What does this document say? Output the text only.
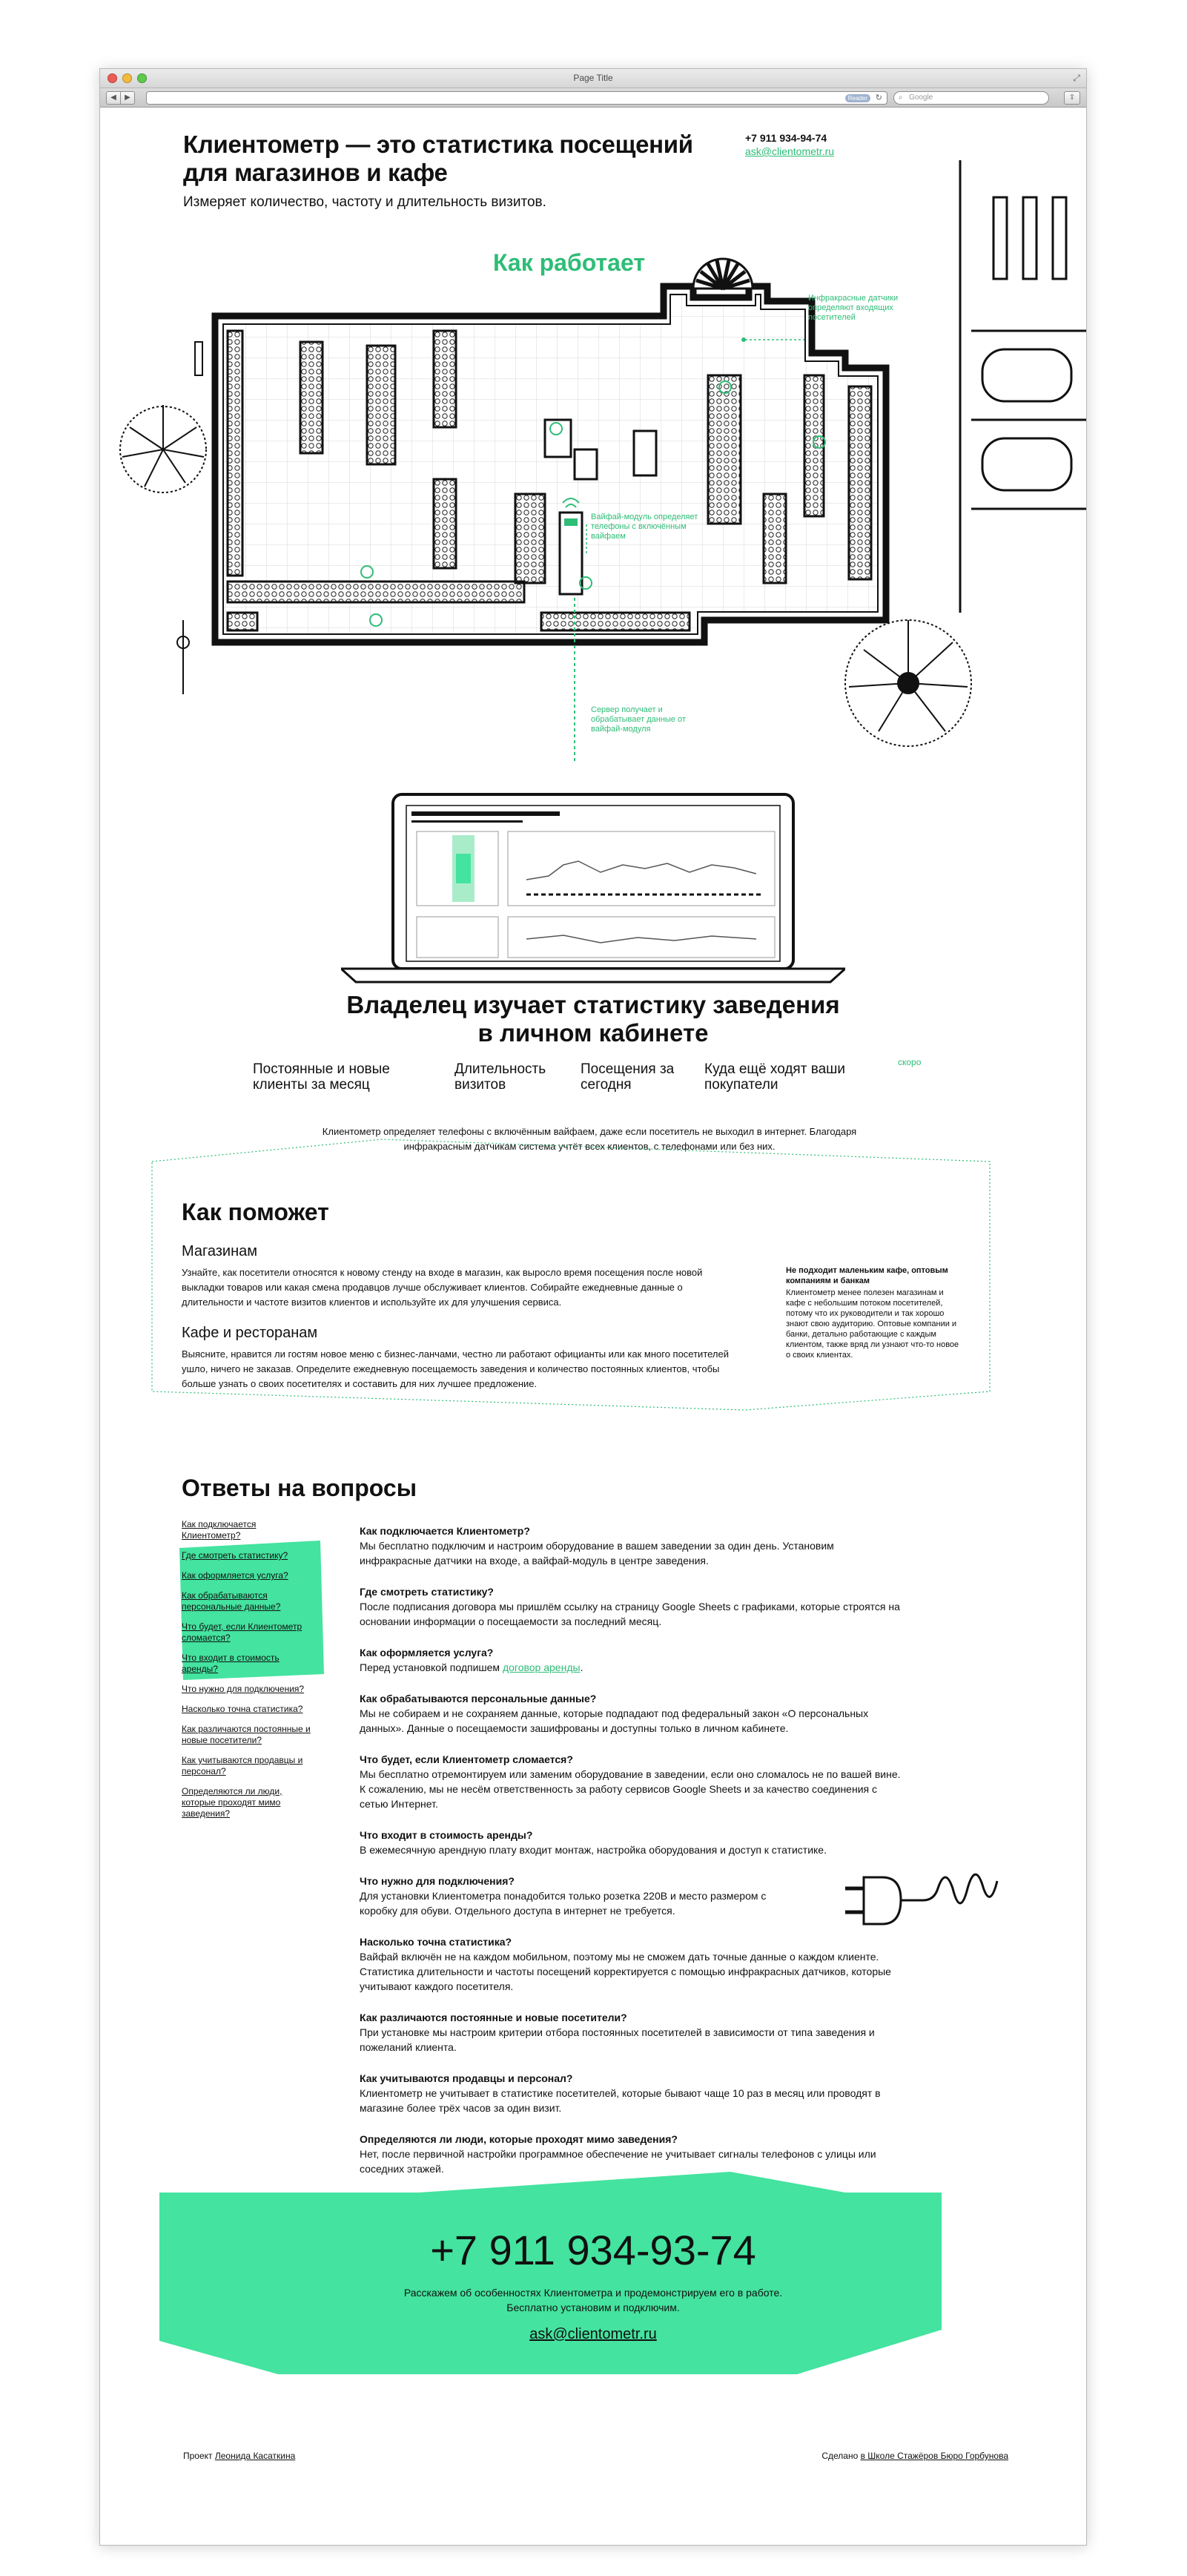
Page Title	⤢
◀	▶	Reader ↻ ⌕ Google	⇪
Клиентометр — это статистика посещений для магазинов и кафе
Измеряет количество, частоту и длительность визитов.
+7 911 934-94-74
ask@clientometr.ru
Как работает
Инфракрасные датчики определяют входящих посетителей
Вайфай-модуль определяет телефоны с включённым вайфаем
Сервер получает и обрабатывает данные от вайфай-модуля
Владелец изучает статистику заведения в личном кабинете
Постоянные и новые клиенты за месяц
Длительность визитов
Посещения за сегодня
Куда ещё ходят ваши покупатели
скоро
Клиентометр определяет телефоны с включённым вайфаем, даже если посетитель не выходил в интернет. Благодаря инфракрасным датчикам система учтёт всех клиентов, с телефонами или без них.
Как поможет
Магазинам
Узнайте, как посетители относятся к новому стенду на входе в магазин, как выросло время посещения после новой выкладки товаров или какая смена продавцов лучше обслуживает клиентов. Собирайте ежедневные данные о длительности и частоте визитов клиентов и используйте их для улучшения сервиса.
Кафе и ресторанам
Выясните, нравится ли гостям новое меню с бизнес-ланчами, честно ли работают официанты или как много посетителей ушло, ничего не заказав. Определите ежедневную посещаемость заведения и количество постоянных клиентов, чтобы больше узнать о своих посетителях и составить для них лучшее предложение.
Не подходит маленьким кафе, оптовым компаниям и банкам
Клиентометр менее полезен магазинам и кафе с небольшим потоком посетителей, потому что их руководители и так хорошо знают свою аудиторию. Оптовые компании и банки, детально работающие с каждым клиентом, также вряд ли узнают что-то новое о своих клиентах.
Ответы на вопросы
Как подключается Клиентометр?
Где смотреть статистику?
Как оформляется услуга?
Как обрабатываются персональные данные?
Что будет, если Клиентометр сломается?
Что входит в стоимость аренды?
Что нужно для подключения?
Насколько точна статистика?
Как различаются постоянные и новые посетители?
Как учитываются продавцы и персонал?
Определяются ли люди, которые проходят мимо заведения?
Как подключается Клиентометр?
Мы бесплатно подключим и настроим оборудование в вашем заведении за один день. Установим инфракрасные датчики на входе, а вайфай-модуль в центре заведения.
Где смотреть статистику?
После подписания договора мы пришлём ссылку на страницу Google Sheets с графиками, которые строятся на основании информации о посещаемости за последний месяц.
Как оформляется услуга?
Перед установкой подпишем договор аренды.
Как обрабатываются персональные данные?
Мы не собираем и не сохраняем данные, которые подпадают под федеральный закон «О персональных данных». Данные о посещаемости зашифрованы и доступны только в личном кабинете.
Что будет, если Клиентометр сломается?
Мы бесплатно отремонтируем или заменим оборудование в заведении, если оно сломалось не по вашей вине. К сожалению, мы не несём ответственность за работу сервисов Google Sheets и за качество соединения с сетью Интернет.
Что входит в стоимость аренды?
В ежемесячную арендную плату входит монтаж, настройка оборудования и доступ к статистике.
Что нужно для подключения?
Для установки Клиентометра понадобится только розетка 220В и место размером с коробку для обуви. Отдельного доступа в интернет не требуется.
Насколько точна статистика?
Вайфай включён не на каждом мобильном, поэтому мы не сможем дать точные данные о каждом клиенте. Статистика длительности и частоты посещений корректируется с помощью инфракрасных датчиков, которые учитывают каждого посетителя.
Как различаются постоянные и новые посетители?
При установке мы настроим критерии отбора постоянных посетителей в зависимости от типа заведения и пожеланий клиента.
Как учитываются продавцы и персонал?
Клиентометр не учитывает в статистике посетителей, которые бывают чаще 10 раз в месяц или проводят в магазине более трёх часов за один визит.
Определяются ли люди, которые проходят мимо заведения?
Нет, после первичной настройки программное обеспечение не учитывает сигналы телефонов с улицы или соседних этажей.
+7 911 934-93-74
Расскажем об особенностях Клиентометра и продемонстрируем его в работе.
Бесплатно установим и подключим.
ask@clientometr.ru
Проект Леонида Касаткина	Сделано в Школе Стажёров Бюро Горбунова
